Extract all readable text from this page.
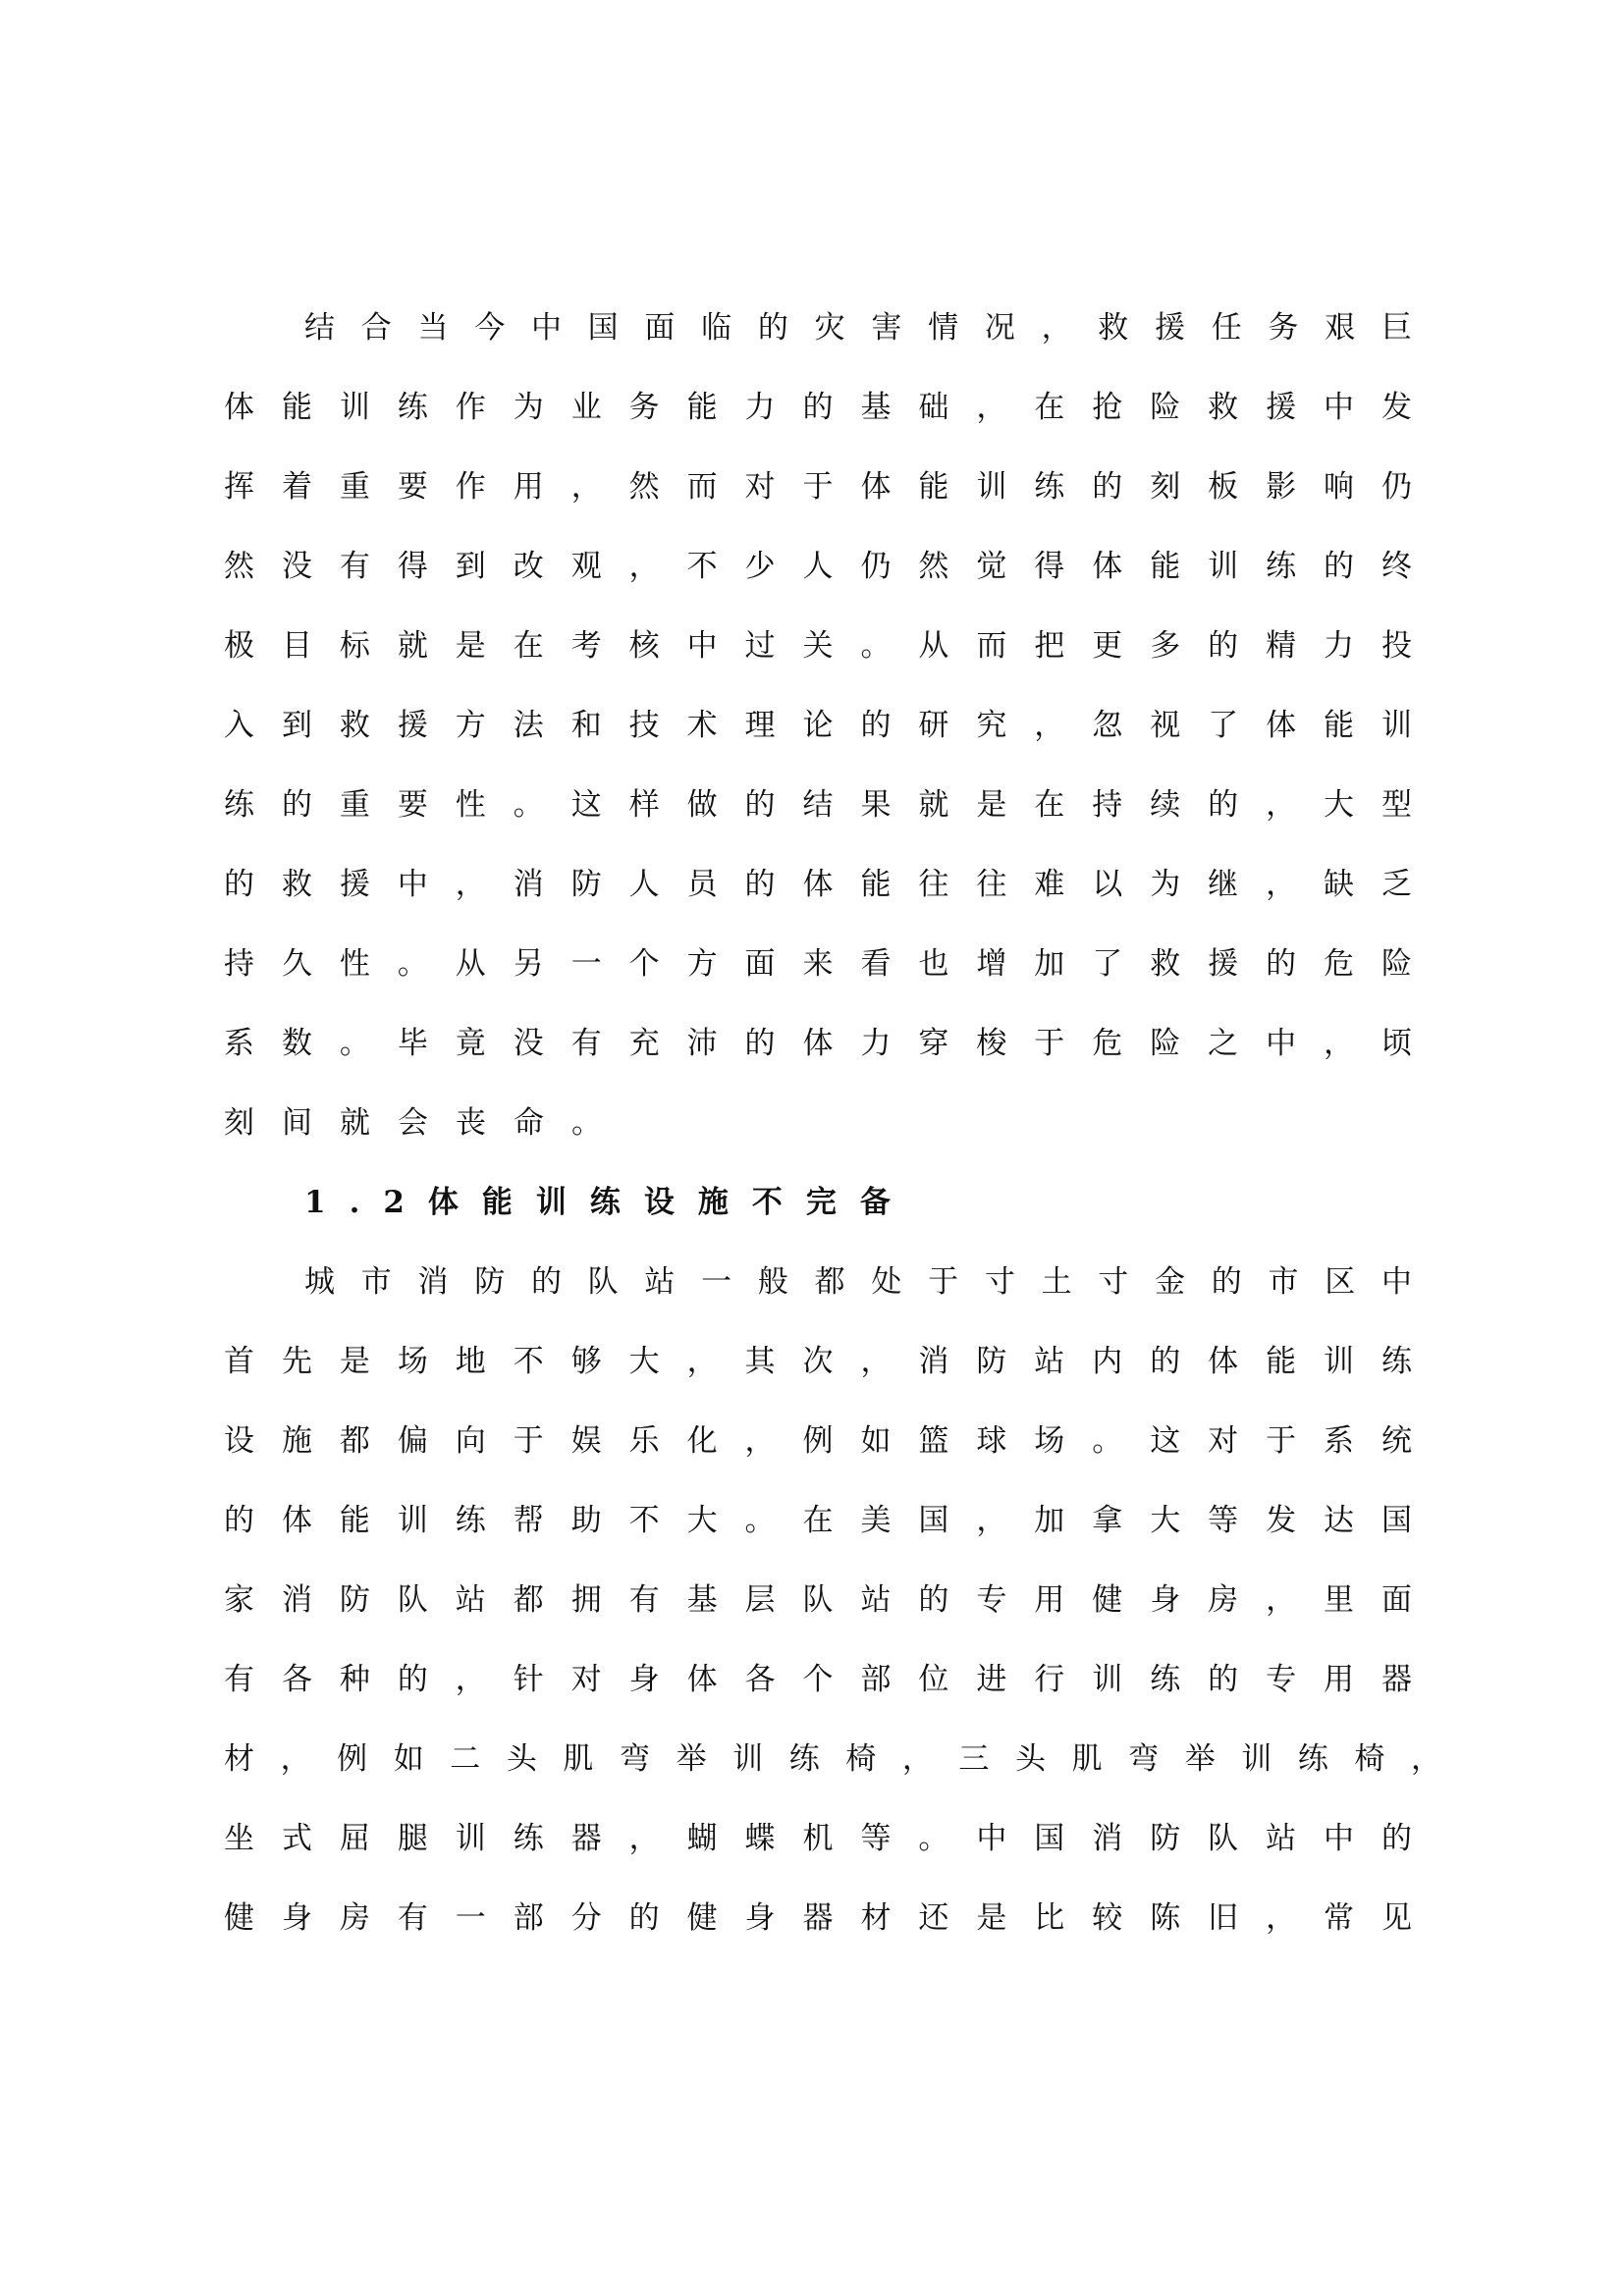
结 合 当 今 中 国 面 临 的 灾 害 情 况 ， 救 援 任 务 艰 巨
体 能 训 练 作 为 业 务 能 力 的 基 础 ， 在 抢 险 救 援 中 发
挥 着 重 要 作 用 ， 然 而 对 于 体 能 训 练 的 刻 板 影 响 仍
然 没 有 得 到 改 观 ， 不 少 人 仍 然 觉 得 体 能 训 练 的 终
极 目 标 就 是 在 考 核 中 过 关 。 从 而 把 更 多 的 精 力 投
入 到 救 援 方 法 和 技 术 理 论 的 研 究 ， 忽 视 了 体 能 训
练 的 重 要 性 。 这 样 做 的 结 果 就 是 在 持 续 的 ， 大 型
的 救 援 中 ， 消 防 人 员 的 体 能 往 往 难 以 为 继 ， 缺 乏
持 久 性 。 从 另 一 个 方 面 来 看 也 增 加 了 救 援 的 危 险
系 数 。 毕 竟 没 有 充 沛 的 体 力 穿 梭 于 危 险 之 中 ， 顷
刻间就会丧命。
1.2体能训练设施不完备
城 市 消 防 的 队 站 一 般 都 处 于 寸 土 寸 金 的 市 区 中
首 先 是 场 地 不 够 大 ， 其 次 ， 消 防 站 内 的 体 能 训 练
设 施 都 偏 向 于 娱 乐 化 ， 例 如 篮 球 场 。 这 对 于 系 统
的 体 能 训 练 帮 助 不 大 。 在 美 国 ， 加 拿 大 等 发 达 国
家 消 防 队 站 都 拥 有 基 层 队 站 的 专 用 健 身 房 ， 里 面
有 各 种 的 ， 针 对 身 体 各 个 部 位 进 行 训 练 的 专 用 器
材 ， 例 如 二 头 肌 弯 举 训 练 椅 ， 三 头 肌 弯 举 训 练 椅 ，
坐 式 屈 腿 训 练 器 ， 蝴 蝶 机 等 。 中 国 消 防 队 站 中 的
健 身 房 有 一 部 分 的 健 身 器 材 还 是 比 较 陈 旧 ， 常 见
